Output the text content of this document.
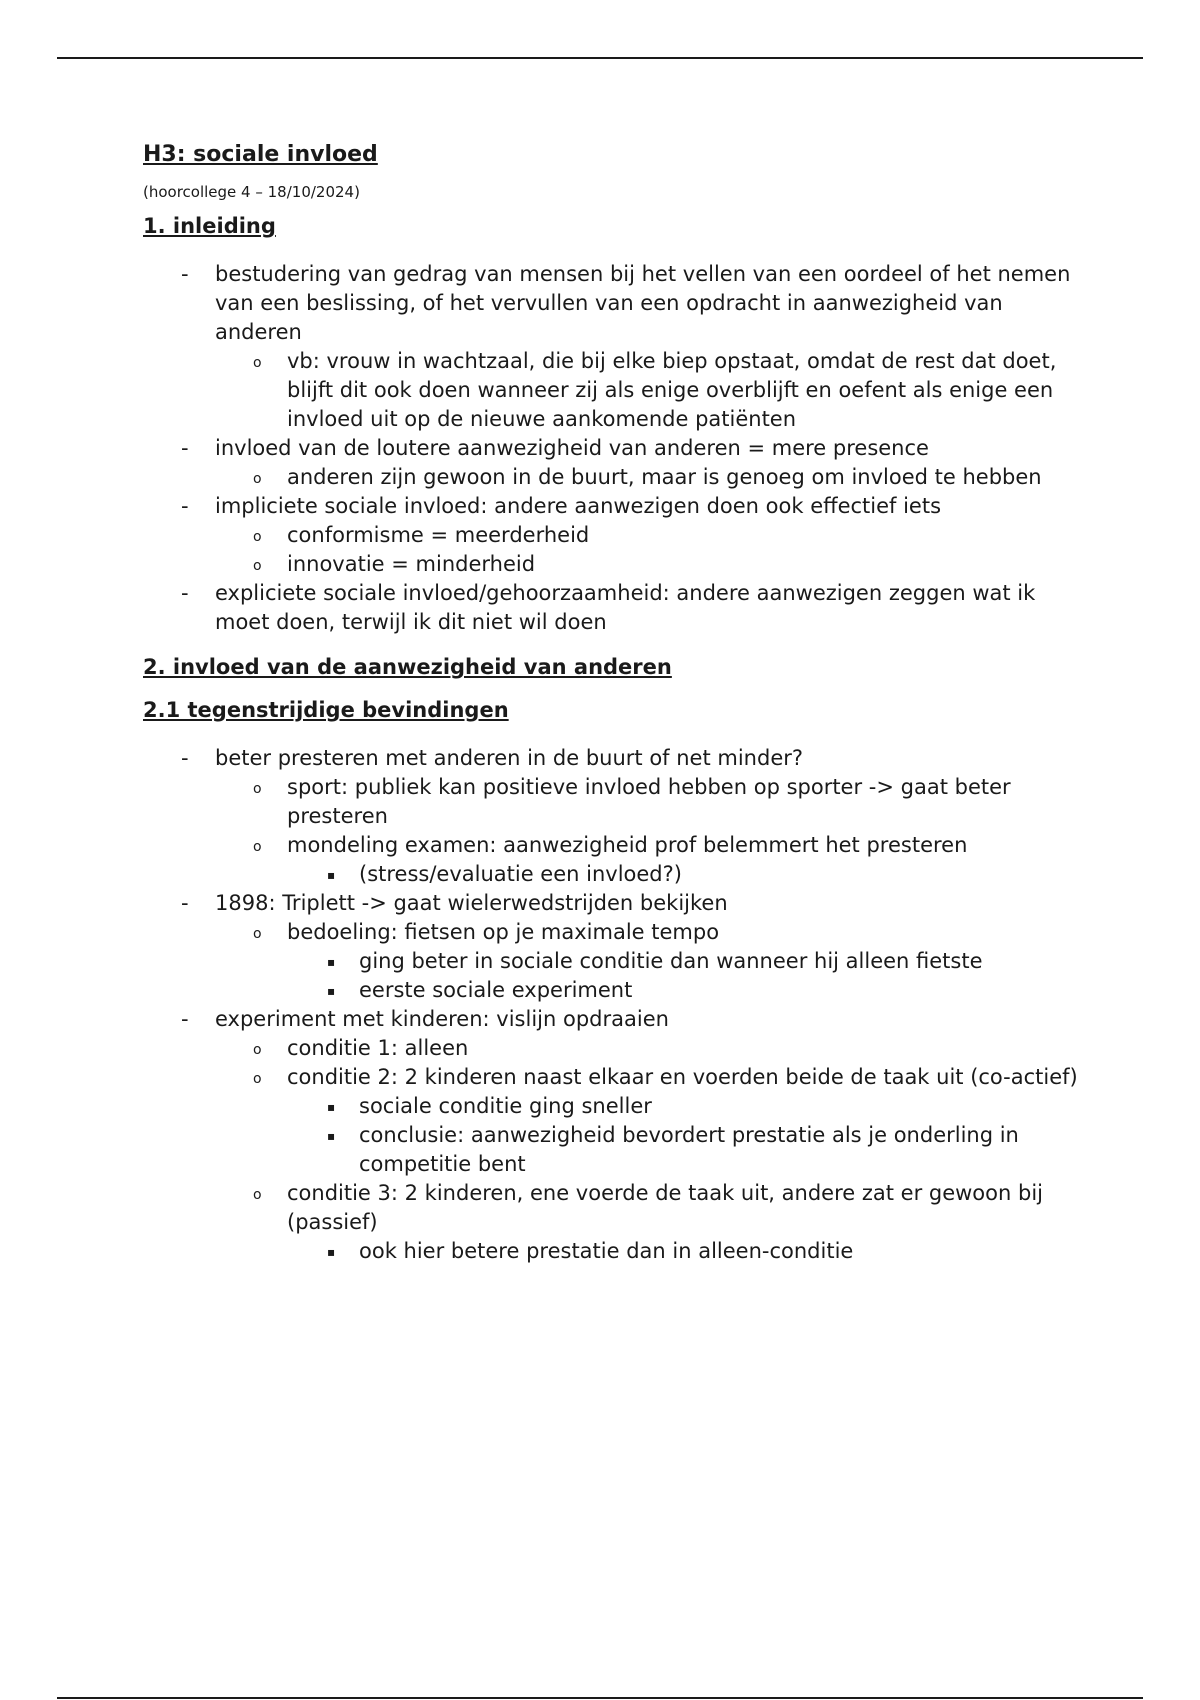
H3: sociale invloed

(hoorcollege 4 – 18/10/2024)

1. inleiding
-	bestudering van gedrag van mensen bij het vellen van een oordeel of het nemen van een beslissing, of het vervullen van een opdracht in aanwezigheid van anderen
o	vb: vrouw in wachtzaal, die bij elke biep opstaat, omdat de rest dat doet, blijft dit ook doen wanneer zij als enige overblijft en oefent als enige een invloed uit op de nieuwe aankomende patiënten
-	invloed van de loutere aanwezigheid van anderen = mere presence
o	anderen zijn gewoon in de buurt, maar is genoeg om invloed te hebben
-	impliciete sociale invloed: andere aanwezigen doen ook effectief iets
o	conformisme = meerderheid
o	innovatie = minderheid
-	expliciete sociale invloed/gehoorzaamheid: andere aanwezigen zeggen wat ik moet doen, terwijl ik dit niet wil doen
2. invloed van de aanwezigheid van anderen
2.1 tegenstrijdige bevindingen
-	beter presteren met anderen in de buurt of net minder?
o	sport: publiek kan positieve invloed hebben op sporter -> gaat beter presteren
o	mondeling examen: aanwezigheid prof belemmert het presteren
▪	(stress/evaluatie een invloed?)
-	1898: Triplett -> gaat wielerwedstrijden bekijken
o	bedoeling: fietsen op je maximale tempo
▪	ging beter in sociale conditie dan wanneer hij alleen fietste
▪	eerste sociale experiment
-	experiment met kinderen: vislijn opdraaien
o	conditie 1: alleen
o	conditie 2: 2 kinderen naast elkaar en voerden beide de taak uit (co-actief)
▪	sociale conditie ging sneller
▪	conclusie: aanwezigheid bevordert prestatie als je onderling in competitie bent
o	conditie 3: 2 kinderen, ene voerde de taak uit, andere zat er gewoon bij (passief)
▪	ook hier betere prestatie dan in alleen-conditie
